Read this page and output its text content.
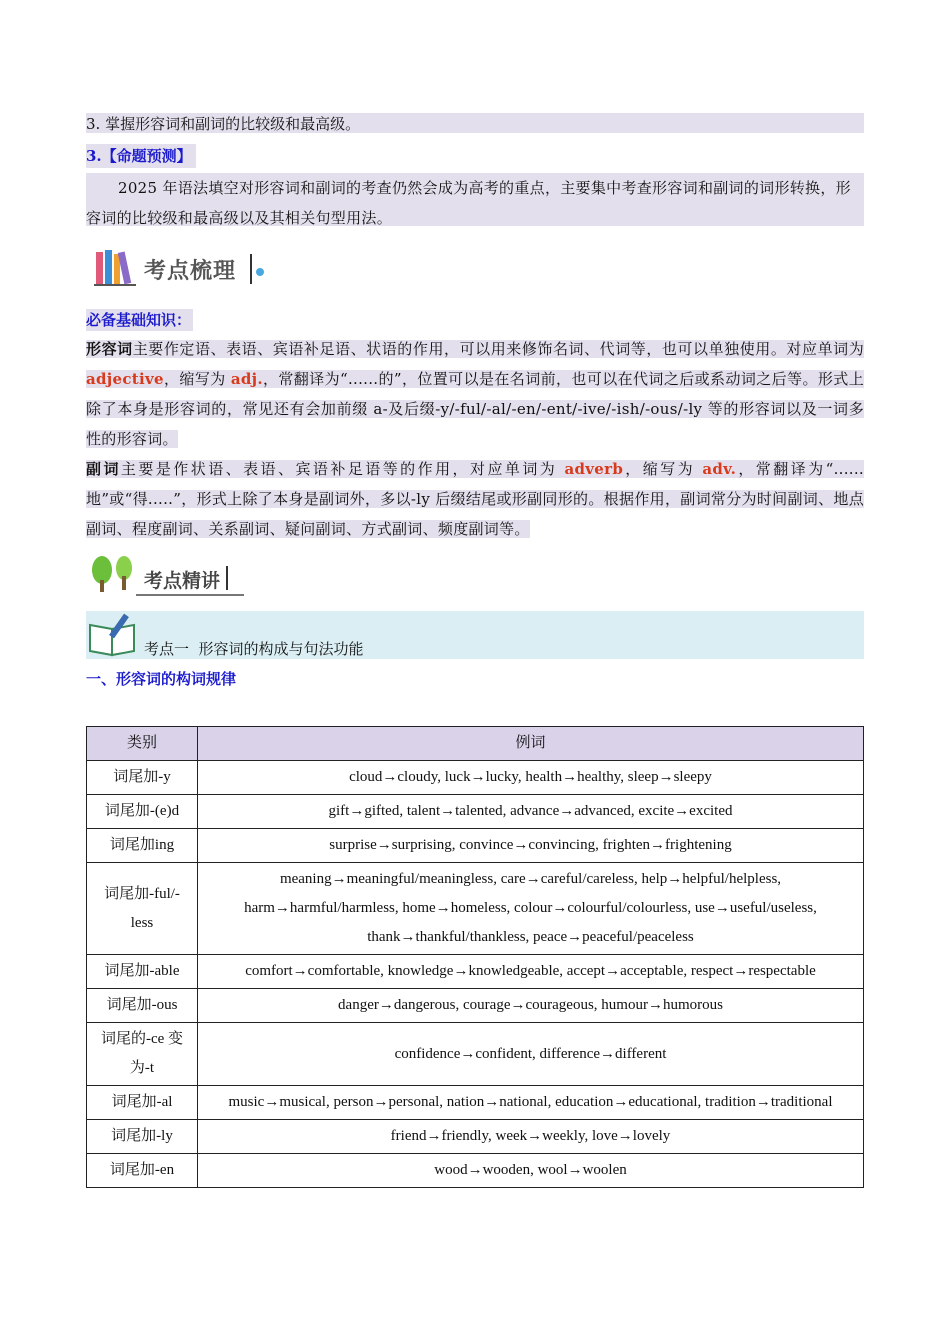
3. 掌握形容词和副词的比较级和最高级。
3.【命题预测】
2025 年语法填空对形容词和副词的考查仍然会成为高考的重点，主要集中考查形容词和副词的词形转换，形容词的比较级和最高级以及其相关句型用法。
考点梳理
必备基础知识：
形容词主要作定语、表语、宾语补足语、状语的作用，可以用来修饰名词、代词等，也可以单独使用。对应单词为 adjective，缩写为 adj.，常翻译为“......的”，位置可以是在名词前，也可以在代词之后或系动词之后等。形式上除了本身是形容词的，常见还有会加前缀 a-及后缀-y/-ful/-al/-en/-ent/-ive/-ish/-ous/-ly 等的形容词以及一词多性的形容词。
副词主要是作状语、表语、宾语补足语等的作用，对应单词为 adverb，缩写为 adv.，常翻译为“......地”或“得.....”，形式上除了本身是副词外，多以-ly 后缀结尾或形副同形的。根据作用，副词常分为时间副词、地点副词、程度副词、关系副词、疑问副词、方式副词、频度副词等。
考点精讲
考点一  形容词的构成与句法功能
一、形容词的构词规律
类别	例词
词尾加-y	cloud→cloudy, luck→lucky, health→healthy, sleep→sleepy
词尾加-(e)d	gift→gifted, talent→talented, advance→advanced, excite→excited
词尾加ing	surprise→surprising, convince→convincing, frighten→frightening
词尾加-ful/-less	meaning→meaningful/meaningless, care→careful/careless, help→helpful/helpless, harm→harmful/harmless, home→homeless, colour→colourful/colourless, use→useful/useless, thank→thankful/thankless, peace→peaceful/peaceless
词尾加-able	comfort→comfortable, knowledge→knowledgeable, accept→acceptable, respect→respectable
词尾加-ous	danger→dangerous, courage→courageous, humour→humorous
词尾的-ce 变为-t	confidence→confident, difference→different
词尾加-al	music→musical, person→personal, nation→national, education→educational, tradition→traditional
词尾加-ly	friend→friendly, week→weekly, love→lovely
词尾加-en	wood→wooden, wool→woolen
